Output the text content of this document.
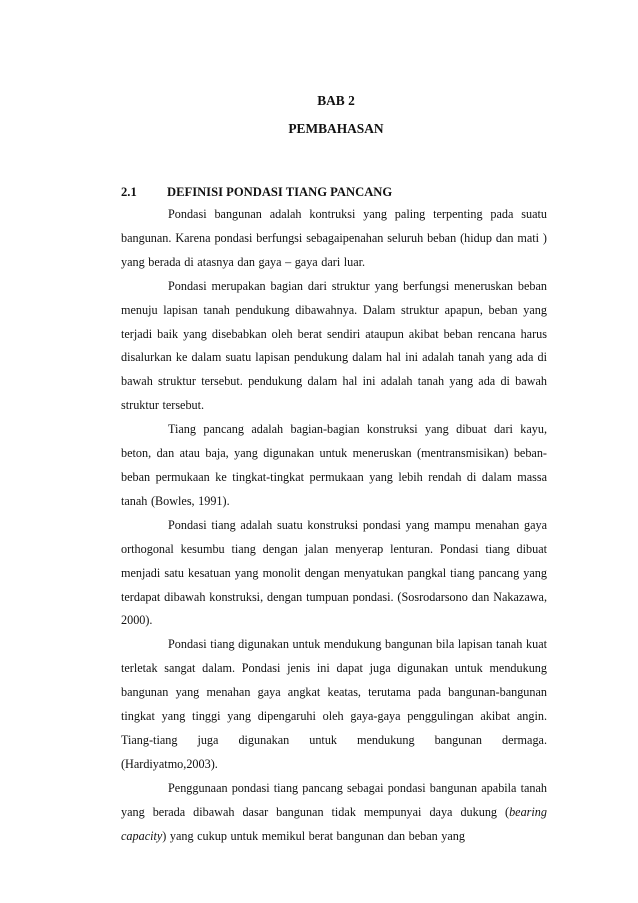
BAB 2
PEMBAHASAN
2.1 DEFINISI PONDASI TIANG PANCANG

Pondasi bangunan adalah kontruksi yang paling terpenting pada suatu bangunan. Karena pondasi berfungsi sebagaipenahan seluruh beban (hidup dan mati ) yang berada di atasnya dan gaya – gaya dari luar.

Pondasi merupakan bagian dari struktur yang berfungsi meneruskan beban menuju lapisan tanah pendukung dibawahnya. Dalam struktur apapun, beban yang terjadi baik yang disebabkan oleh berat sendiri ataupun akibat beban rencana harus disalurkan ke dalam suatu lapisan pendukung dalam hal ini adalah tanah yang ada di bawah struktur tersebut. pendukung dalam hal ini adalah tanah yang ada di bawah struktur tersebut.

Tiang pancang adalah bagian-bagian konstruksi yang dibuat dari kayu, beton, dan atau baja, yang digunakan untuk meneruskan (mentransmisikan) beban-beban permukaan ke tingkat-tingkat permukaan yang lebih rendah di dalam massa tanah (Bowles, 1991).

Pondasi tiang adalah suatu konstruksi pondasi yang mampu menahan gaya orthogonal kesumbu tiang dengan jalan menyerap lenturan. Pondasi tiang dibuat menjadi satu kesatuan yang monolit dengan menyatukan pangkal tiang pancang yang terdapat dibawah konstruksi, dengan tumpuan pondasi. (Sosrodarsono dan Nakazawa, 2000).

Pondasi tiang digunakan untuk mendukung bangunan bila lapisan tanah kuat terletak sangat dalam. Pondasi jenis ini dapat juga digunakan untuk mendukung bangunan yang menahan gaya angkat keatas, terutama pada bangunan-bangunan tingkat yang tinggi yang dipengaruhi oleh gaya-gaya penggulingan akibat angin. Tiang-tiang juga digunakan untuk mendukung bangunan dermaga. (Hardiyatmo,2003).

Penggunaan pondasi tiang pancang sebagai pondasi bangunan apabila tanah yang berada dibawah dasar bangunan tidak mempunyai daya dukung (bearing capacity) yang cukup untuk memikul berat bangunan dan beban yang
